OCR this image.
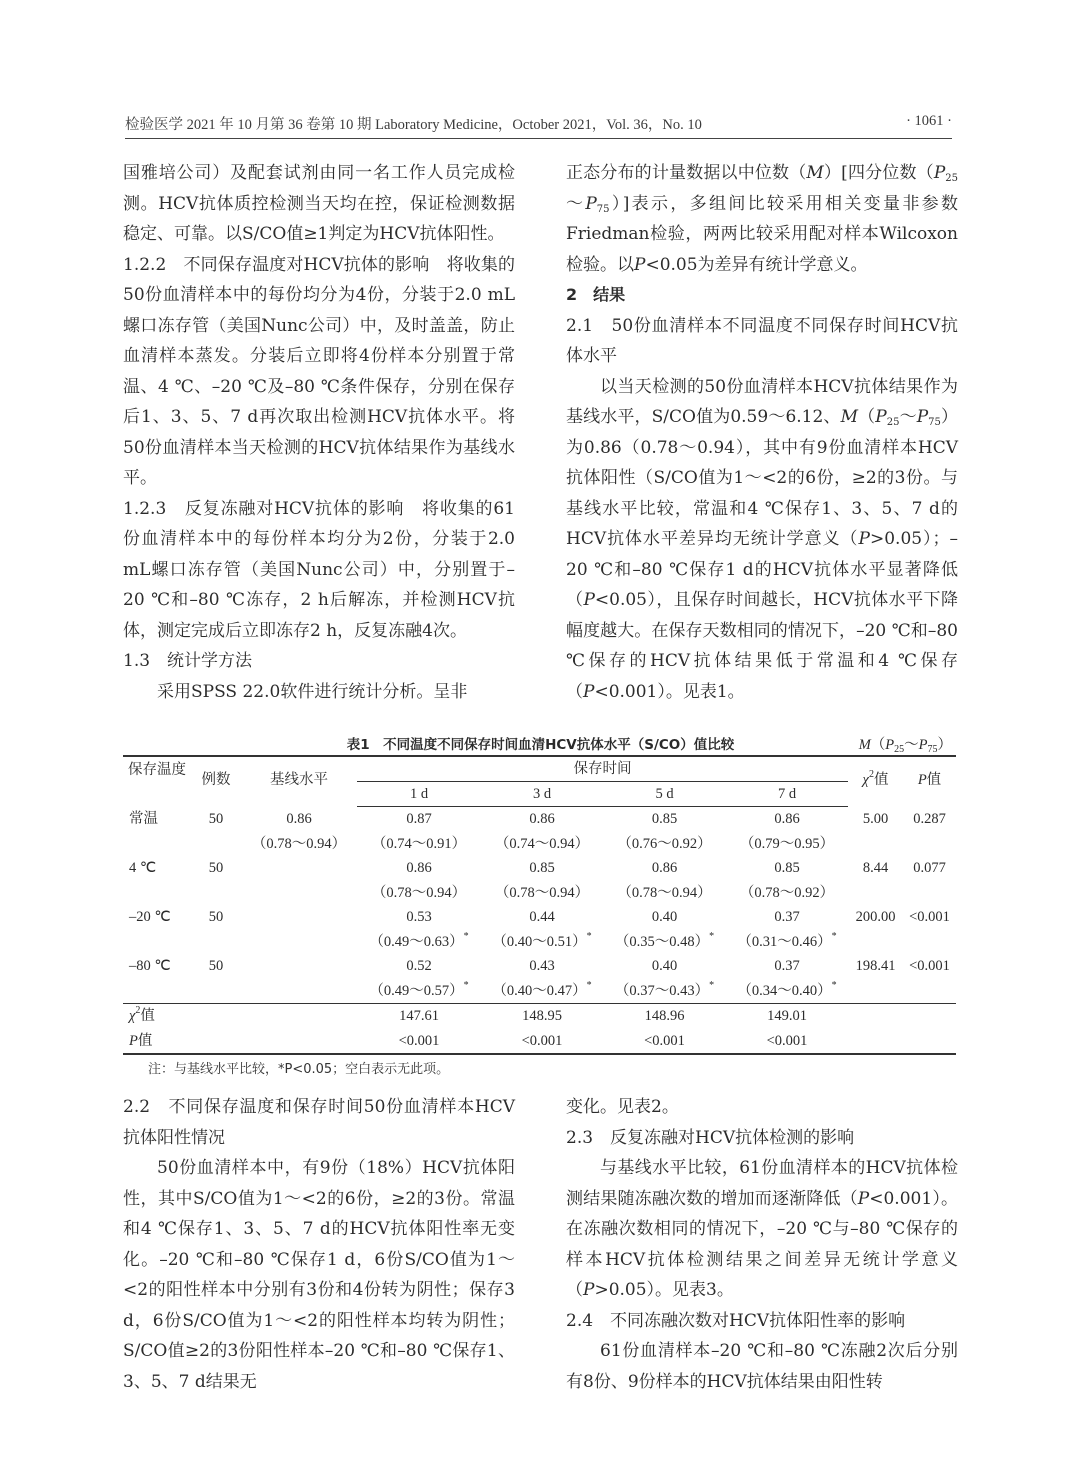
检验医学 2021 年 10 月第 36 卷第 10 期 Laboratory Medicine，October 2021，Vol. 36，No. 10	· 1061 ·

国雅培公司）及配套试剂由同一名工作人员完成检测。HCV抗体质控检测当天均在控，保证检测数据稳定、可靠。以S/CO值≥1判定为HCV抗体阳性。

1.2.2　不同保存温度对HCV抗体的影响　将收集的50份血清样本中的每份均分为4份，分装于2.0 mL螺口冻存管（美国Nunc公司）中，及时盖盖，防止血清样本蒸发。分装后立即将4份样本分别置于常温、4 ℃、–20 ℃及–80 ℃条件保存，分别在保存后1、3、5、7 d再次取出检测HCV抗体水平。将50份血清样本当天检测的HCV抗体结果作为基线水平。

1.2.3　反复冻融对HCV抗体的影响　将收集的61份血清样本中的每份样本均分为2份，分装于2.0 mL螺口冻存管（美国Nunc公司）中，分别置于–20 ℃和–80 ℃冻存，2 h后解冻，并检测HCV抗体，测定完成后立即冻存2 h，反复冻融4次。

1.3　统计学方法

采用SPSS 22.0软件进行统计分析。呈非

正态分布的计量数据以中位数（M）[四分位数$(P_{25}\sim P_{75})$]表示，多组间比较采用相关变量非参数Friedman检验，两两比较采用配对样本Wilcoxon检验。以P<0.05为差异有统计学意义。

2　结果

2.1　50份血清样本不同温度不同保存时间HCV抗体水平

以当天检测的50份血清样本HCV抗体结果作为基线水平，S/CO值为0.59～6.12、$M(P_{25}\sim P_{75})$为0.86（0.78～0.94），其中有9份血清样本HCV抗体阳性（S/CO值为1～<2的6份，≥2的3份。与基线水平比较，常温和4 ℃保存1、3、5、7 d的HCV抗体水平差异均无统计学意义（P>0.05）；–20 ℃和–80 ℃保存1 d的HCV抗体水平显著降低（P<0.05），且保存时间越长，HCV抗体水平下降幅度越大。在保存天数相同的情况下，–20 ℃和–80 ℃保存的HCV抗体结果低于常温和4 ℃保存（P<0.001）。见表1。

表1　不同温度不同保存时间血清HCV抗体水平（S/CO）值比较	$M(P_{25}\sim P_{75})$
保存温度	例数	基线水平	保存时间				$\chi^2$值	P值
			1 d	3 d	5 d	7 d		
常温	50	0.86	0.87	0.86	0.85	0.86	5.00	0.287
		（0.78～0.94）	（0.74～0.91）	（0.74～0.94）	（0.76～0.92）	（0.79～0.95）		
4 ℃	50		0.86	0.85	0.86	0.85	8.44	0.077
			（0.78～0.94）	（0.78～0.94）	（0.78～0.94）	（0.78～0.92）		
–20 ℃	50		0.53	0.44	0.40	0.37	200.00	<0.001
			（0.49～0.63）*	（0.40～0.51）*	（0.35～0.48）*	（0.31～0.46）*		
–80 ℃	50		0.52	0.43	0.40	0.37	198.41	<0.001
			（0.49～0.57）*	（0.40～0.47）*	（0.37～0.43）*	（0.34～0.40）*		
$\chi^2$值			147.61	148.95	148.96	149.01		
P值			<0.001	<0.001	<0.001	<0.001		
注：与基线水平比较，*P<0.05；空白表示无此项。

2.2　不同保存温度和保存时间50份血清样本HCV抗体阳性情况

50份血清样本中，有9份（18%）HCV抗体阳性，其中S/CO值为1～<2的6份，≥2的3份。常温和4 ℃保存1、3、5、7 d的HCV抗体阳性率无变化。–20 ℃和–80 ℃保存1 d，6份S/CO值为1～<2的阳性样本中分别有3份和4份转为阴性；保存3 d，6份S/CO值为1～<2的阳性样本均转为阴性；S/CO值≥2的3份阳性样本–20 ℃和–80 ℃保存1、3、5、7 d结果无

变化。见表2。

2.3　反复冻融对HCV抗体检测的影响

与基线水平比较，61份血清样本的HCV抗体检测结果随冻融次数的增加而逐渐降低（P<0.001）。在冻融次数相同的情况下，–20 ℃与–80 ℃保存的样本HCV抗体检测结果之间差异无统计学意义（P>0.05）。见表3。

2.4　不同冻融次数对HCV抗体阳性率的影响

61份血清样本–20 ℃和–80 ℃冻融2次后分别有8份、9份样本的HCV抗体结果由阳性转
